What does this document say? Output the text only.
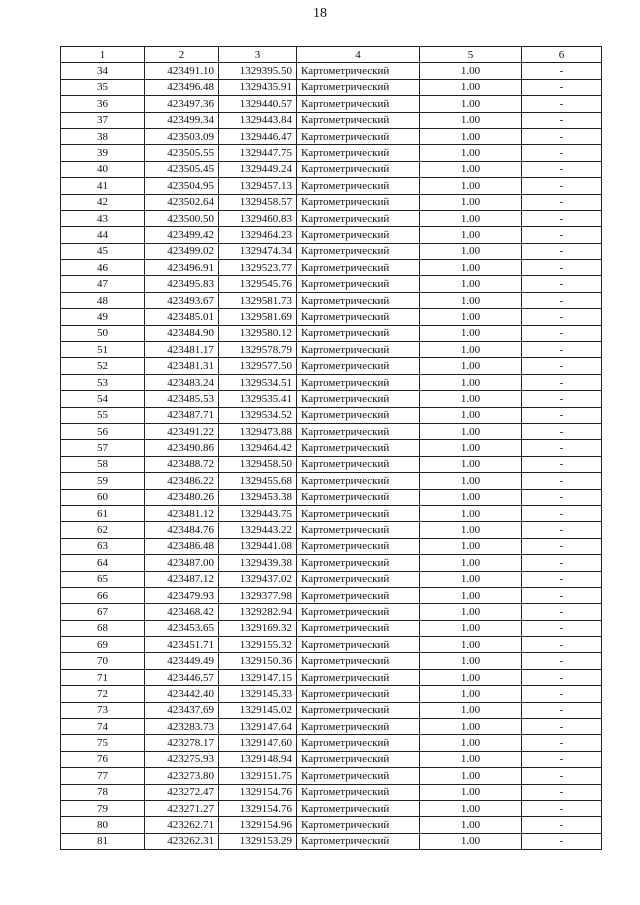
18
1	2	3	4	5	6
34	423491.10	1329395.50	Картометрический	1.00	-
35	423496.48	1329435.91	Картометрический	1.00	-
36	423497.36	1329440.57	Картометрический	1.00	-
37	423499.34	1329443.84	Картометрический	1.00	-
38	423503.09	1329446.47	Картометрический	1.00	-
39	423505.55	1329447.75	Картометрический	1.00	-
40	423505.45	1329449.24	Картометрический	1.00	-
41	423504.95	1329457.13	Картометрический	1.00	-
42	423502.64	1329458.57	Картометрический	1.00	-
43	423500.50	1329460.83	Картометрический	1.00	-
44	423499.42	1329464.23	Картометрический	1.00	-
45	423499.02	1329474.34	Картометрический	1.00	-
46	423496.91	1329523.77	Картометрический	1.00	-
47	423495.83	1329545.76	Картометрический	1.00	-
48	423493.67	1329581.73	Картометрический	1.00	-
49	423485.01	1329581.69	Картометрический	1.00	-
50	423484.90	1329580.12	Картометрический	1.00	-
51	423481.17	1329578.79	Картометрический	1.00	-
52	423481.31	1329577.50	Картометрический	1.00	-
53	423483.24	1329534.51	Картометрический	1.00	-
54	423485.53	1329535.41	Картометрический	1.00	-
55	423487.71	1329534.52	Картометрический	1.00	-
56	423491.22	1329473.88	Картометрический	1.00	-
57	423490.86	1329464.42	Картометрический	1.00	-
58	423488.72	1329458.50	Картометрический	1.00	-
59	423486.22	1329455.68	Картометрический	1.00	-
60	423480.26	1329453.38	Картометрический	1.00	-
61	423481.12	1329443.75	Картометрический	1.00	-
62	423484.76	1329443.22	Картометрический	1.00	-
63	423486.48	1329441.08	Картометрический	1.00	-
64	423487.00	1329439.38	Картометрический	1.00	-
65	423487.12	1329437.02	Картометрический	1.00	-
66	423479.93	1329377.98	Картометрический	1.00	-
67	423468.42	1329282.94	Картометрический	1.00	-
68	423453.65	1329169.32	Картометрический	1.00	-
69	423451.71	1329155.32	Картометрический	1.00	-
70	423449.49	1329150.36	Картометрический	1.00	-
71	423446.57	1329147.15	Картометрический	1.00	-
72	423442.40	1329145.33	Картометрический	1.00	-
73	423437.69	1329145.02	Картометрический	1.00	-
74	423283.73	1329147.64	Картометрический	1.00	-
75	423278.17	1329147.60	Картометрический	1.00	-
76	423275.93	1329148.94	Картометрический	1.00	-
77	423273.80	1329151.75	Картометрический	1.00	-
78	423272.47	1329154.76	Картометрический	1.00	-
79	423271.27	1329154.76	Картометрический	1.00	-
80	423262.71	1329154.96	Картометрический	1.00	-
81	423262.31	1329153.29	Картометрический	1.00	-
